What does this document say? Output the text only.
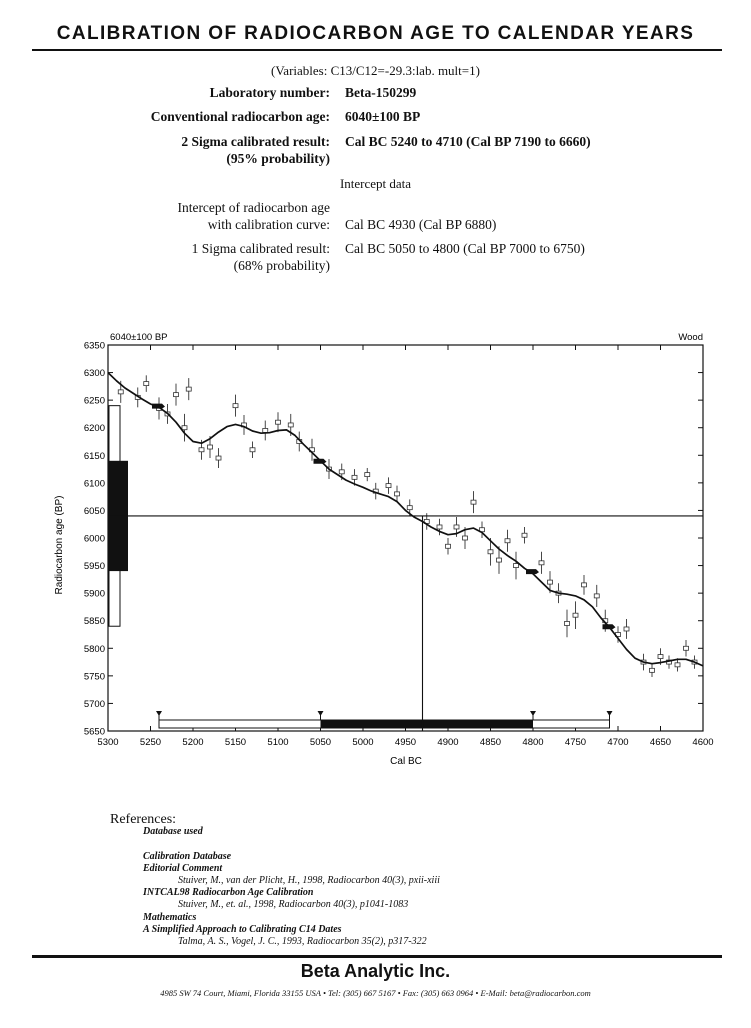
CALIBRATION OF RADIOCARBON AGE TO CALENDAR YEARS
(Variables: C13/C12=-29.3:lab. mult=1)
Laboratory number: Beta-150299
Conventional radiocarbon age: 6040±100 BP
2 Sigma calibrated result:
(95% probability)
Cal BC 5240 to 4710 (Cal BP 7190 to 6660)
Intercept data
Intercept of radiocarbon age
with calibration curve: Cal BC 4930 (Cal BP 6880)
1 Sigma calibrated result:
(68% probability)
Cal BC 5050 to 4800 (Cal BP 7000 to 6750)
5300 5250 5200 5150 5100 5050 5000 4950 4900 4850 4800 4750 4700 4650 4600
6350
6300
6250
6200
6150
6100
6050
6000
5950
5900
5850
5800
5750
5700
5650
6040±100 BP	Wood
Cal BC
Radiocarbon age (BP)
References:
Database used
Calibration Database
Editorial Comment
Stuiver, M., van der Plicht, H., 1998, Radiocarbon 40(3), pxii-xiii
INTCAL98 Radiocarbon Age Calibration
Stuiver, M., et. al., 1998, Radiocarbon 40(3), p1041-1083
Mathematics
A Simplified Approach to Calibrating C14 Dates
Talma, A. S., Vogel, J. C., 1993, Radiocarbon 35(2), p317-322
Beta Analytic Inc.
4985 SW 74 Court, Miami, Florida 33155 USA • Tel: (305) 667 5167 • Fax: (305) 663 0964 • E-Mail: beta@radiocarbon.com
